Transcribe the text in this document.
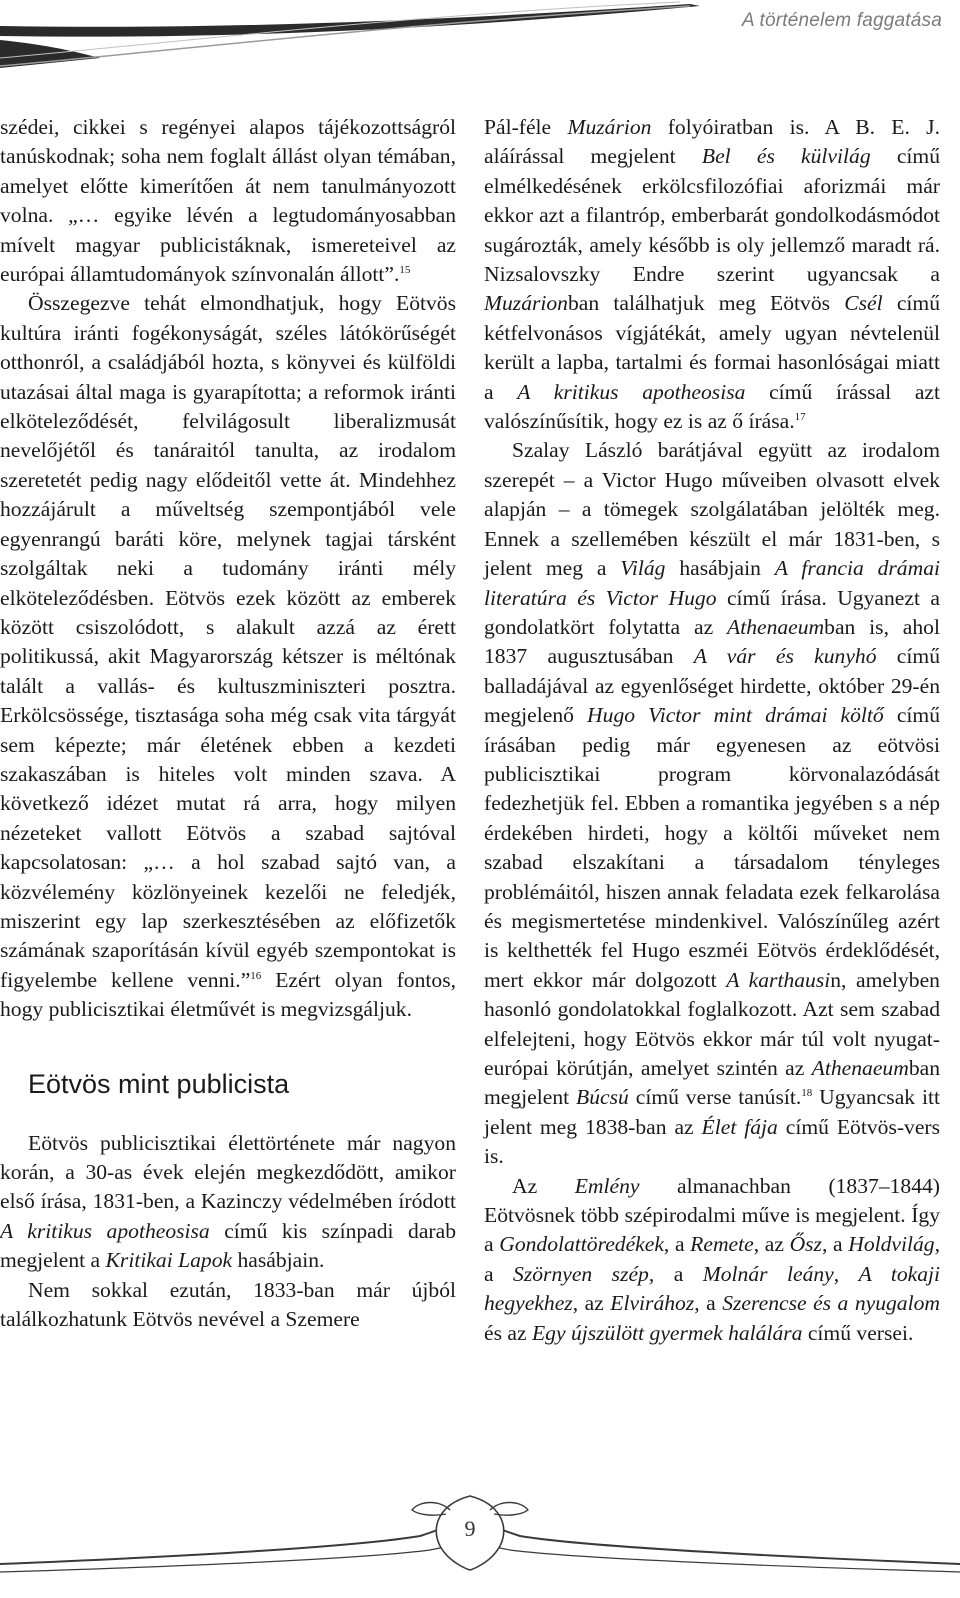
A történelem faggatása

szédei, cikkei s regényei alapos tájékozottságról tanúskodnak; soha nem foglalt állást olyan témában, amelyet előtte kimerítően át nem tanulmányozott volna. „… egyike lévén a legtudományosabban mívelt magyar publicistáknak, ismereteivel az európai államtudományok színvonalán állott”.$^{15}$

Összegezve tehát elmondhatjuk, hogy Eötvös kultúra iránti fogékonyságát, széles látókörűségét otthonról, a családjából hozta, s könyvei és külföldi utazásai által maga is gyarapította; a reformok iránti elköteleződését, felvilágosult liberalizmusát nevelőjétől és tanáraitól tanulta, az irodalom szeretetét pedig nagy elődeitől vette át. Mindehhez hozzájárult a műveltség szempontjából vele egyenrangú baráti köre, melynek tagjai társként szolgáltak neki a tudomány iránti mély elköteleződésben. Eötvös ezek között az emberek között csiszolódott, s alakult azzá az érett politikussá, akit Magyarország kétszer is méltónak talált a vallás- és kultuszminiszteri posztra. Erkölcsössége, tisztasága soha még csak vita tárgyát sem képezte; már életének ebben a kezdeti szakaszában is hiteles volt minden szava. A következő idézet mutat rá arra, hogy milyen nézeteket vallott Eötvös a szabad sajtóval kapcsolatosan: „… a hol szabad sajtó van, a közvélemény közlönyeinek kezelői ne feledjék, miszerint egy lap szerkesztésében az előfizetők számának szaporításán kívül egyéb szempontokat is figyelembe kellene venni.”$^{16}$ Ezért olyan fontos, hogy publicisztikai életművét is megvizsgáljuk.

Eötvös mint publicista

Eötvös publicisztikai élettörténete már nagyon korán, a 30-as évek elején megkezdődött, amikor első írása, 1831-ben, a Kazinczy védelmében íródott A kritikus apotheosisa című kis színpadi darab megjelent a Kritikai Lapok hasábjain.

Nem sokkal ezután, 1833-ban már újból találkozhatunk Eötvös nevével a Szemere

Pál-féle Muzárion folyóiratban is. A B. E. J. aláírással megjelent Bel és külvilág című elmélkedésének erkölcsfilozófiai aforizmái már ekkor azt a filantróp, emberbarát gondolkodásmódot sugározták, amely később is oly jellemző maradt rá. Nizsalovszky Endre szerint ugyancsak a Muzárionban találhatjuk meg Eötvös Csél című kétfelvonásos vígjátékát, amely ugyan névtelenül került a lapba, tartalmi és formai hasonlóságai miatt a A kritikus apotheosisa című írással azt valószínűsítik, hogy ez is az ő írása.$^{17}$

Szalay László barátjával együtt az irodalom szerepét – a Victor Hugo műveiben olvasott elvek alapján – a tömegek szolgálatában jelölték meg. Ennek a szellemében készült el már 1831-ben, s jelent meg a Világ hasábjain A francia drámai literatúra és Victor Hugo című írása. Ugyanezt a gondolatkört folytatta az Athenaeumban is, ahol 1837 augusztusában A vár és kunyhó című balladájával az egyenlőséget hirdette, október 29-én megjelenő Hugo Victor mint drámai költő című írásában pedig már egyenesen az eötvösi publicisztikai program körvonalazódását fedezhetjük fel. Ebben a romantika jegyében s a nép érdekében hirdeti, hogy a költői műveket nem szabad elszakítani a társadalom tényleges problémáitól, hiszen annak feladata ezek felkarolása és megismertetése mindenkivel. Valószínűleg azért is kelthették fel Hugo eszméi Eötvös érdeklődését, mert ekkor már dolgozott A karthausin, amelyben hasonló gondolatokkal foglalkozott. Azt sem szabad elfelejteni, hogy Eötvös ekkor már túl volt nyugat-európai körútján, amelyet szintén az Athenaeumban megjelent Búcsú című verse tanúsít.$^{18}$ Ugyancsak itt jelent meg 1838-ban az Élet fája című Eötvös-vers is.

Az Emlény almanachban (1837–1844) Eötvösnek több szépirodalmi műve is megjelent. Így a Gondolattöredékek, a Remete, az Ősz, a Holdvilág, a Szörnyen szép, a Molnár leány, A tokaji hegyekhez, az Elvirához, a Szerencse és a nyugalom és az Egy újszülött gyermek halálára című versei.

9
